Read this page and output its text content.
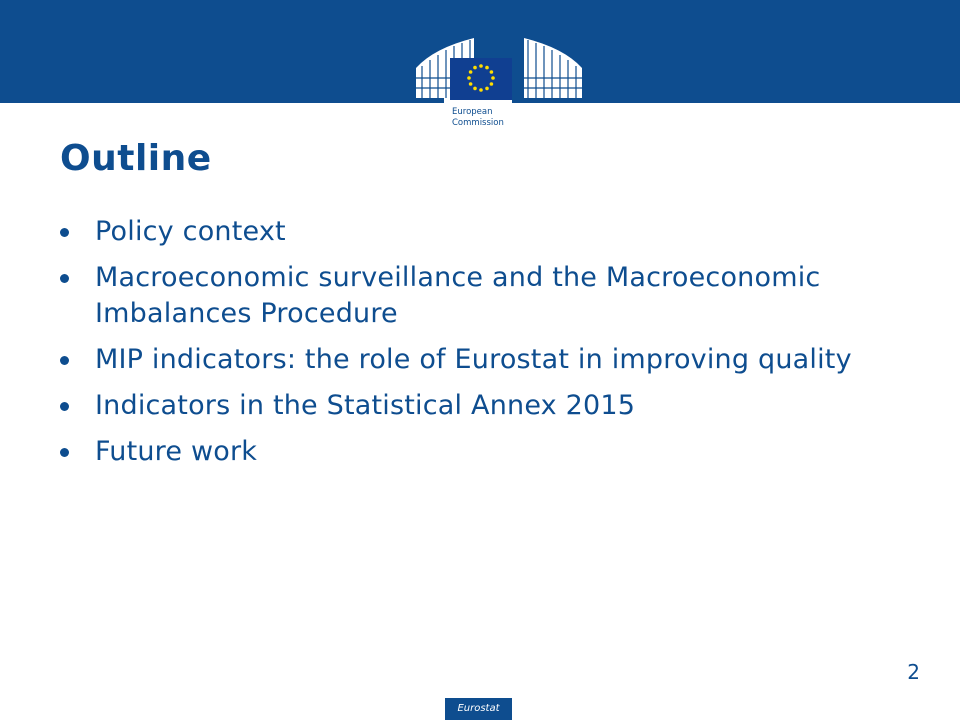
European
Commission
Outline
Policy context
Macroeconomic surveillance and the Macroeconomic Imbalances Procedure
MIP indicators: the role of Eurostat in improving quality
Indicators in the Statistical Annex 2015
Future work
2
Eurostat
